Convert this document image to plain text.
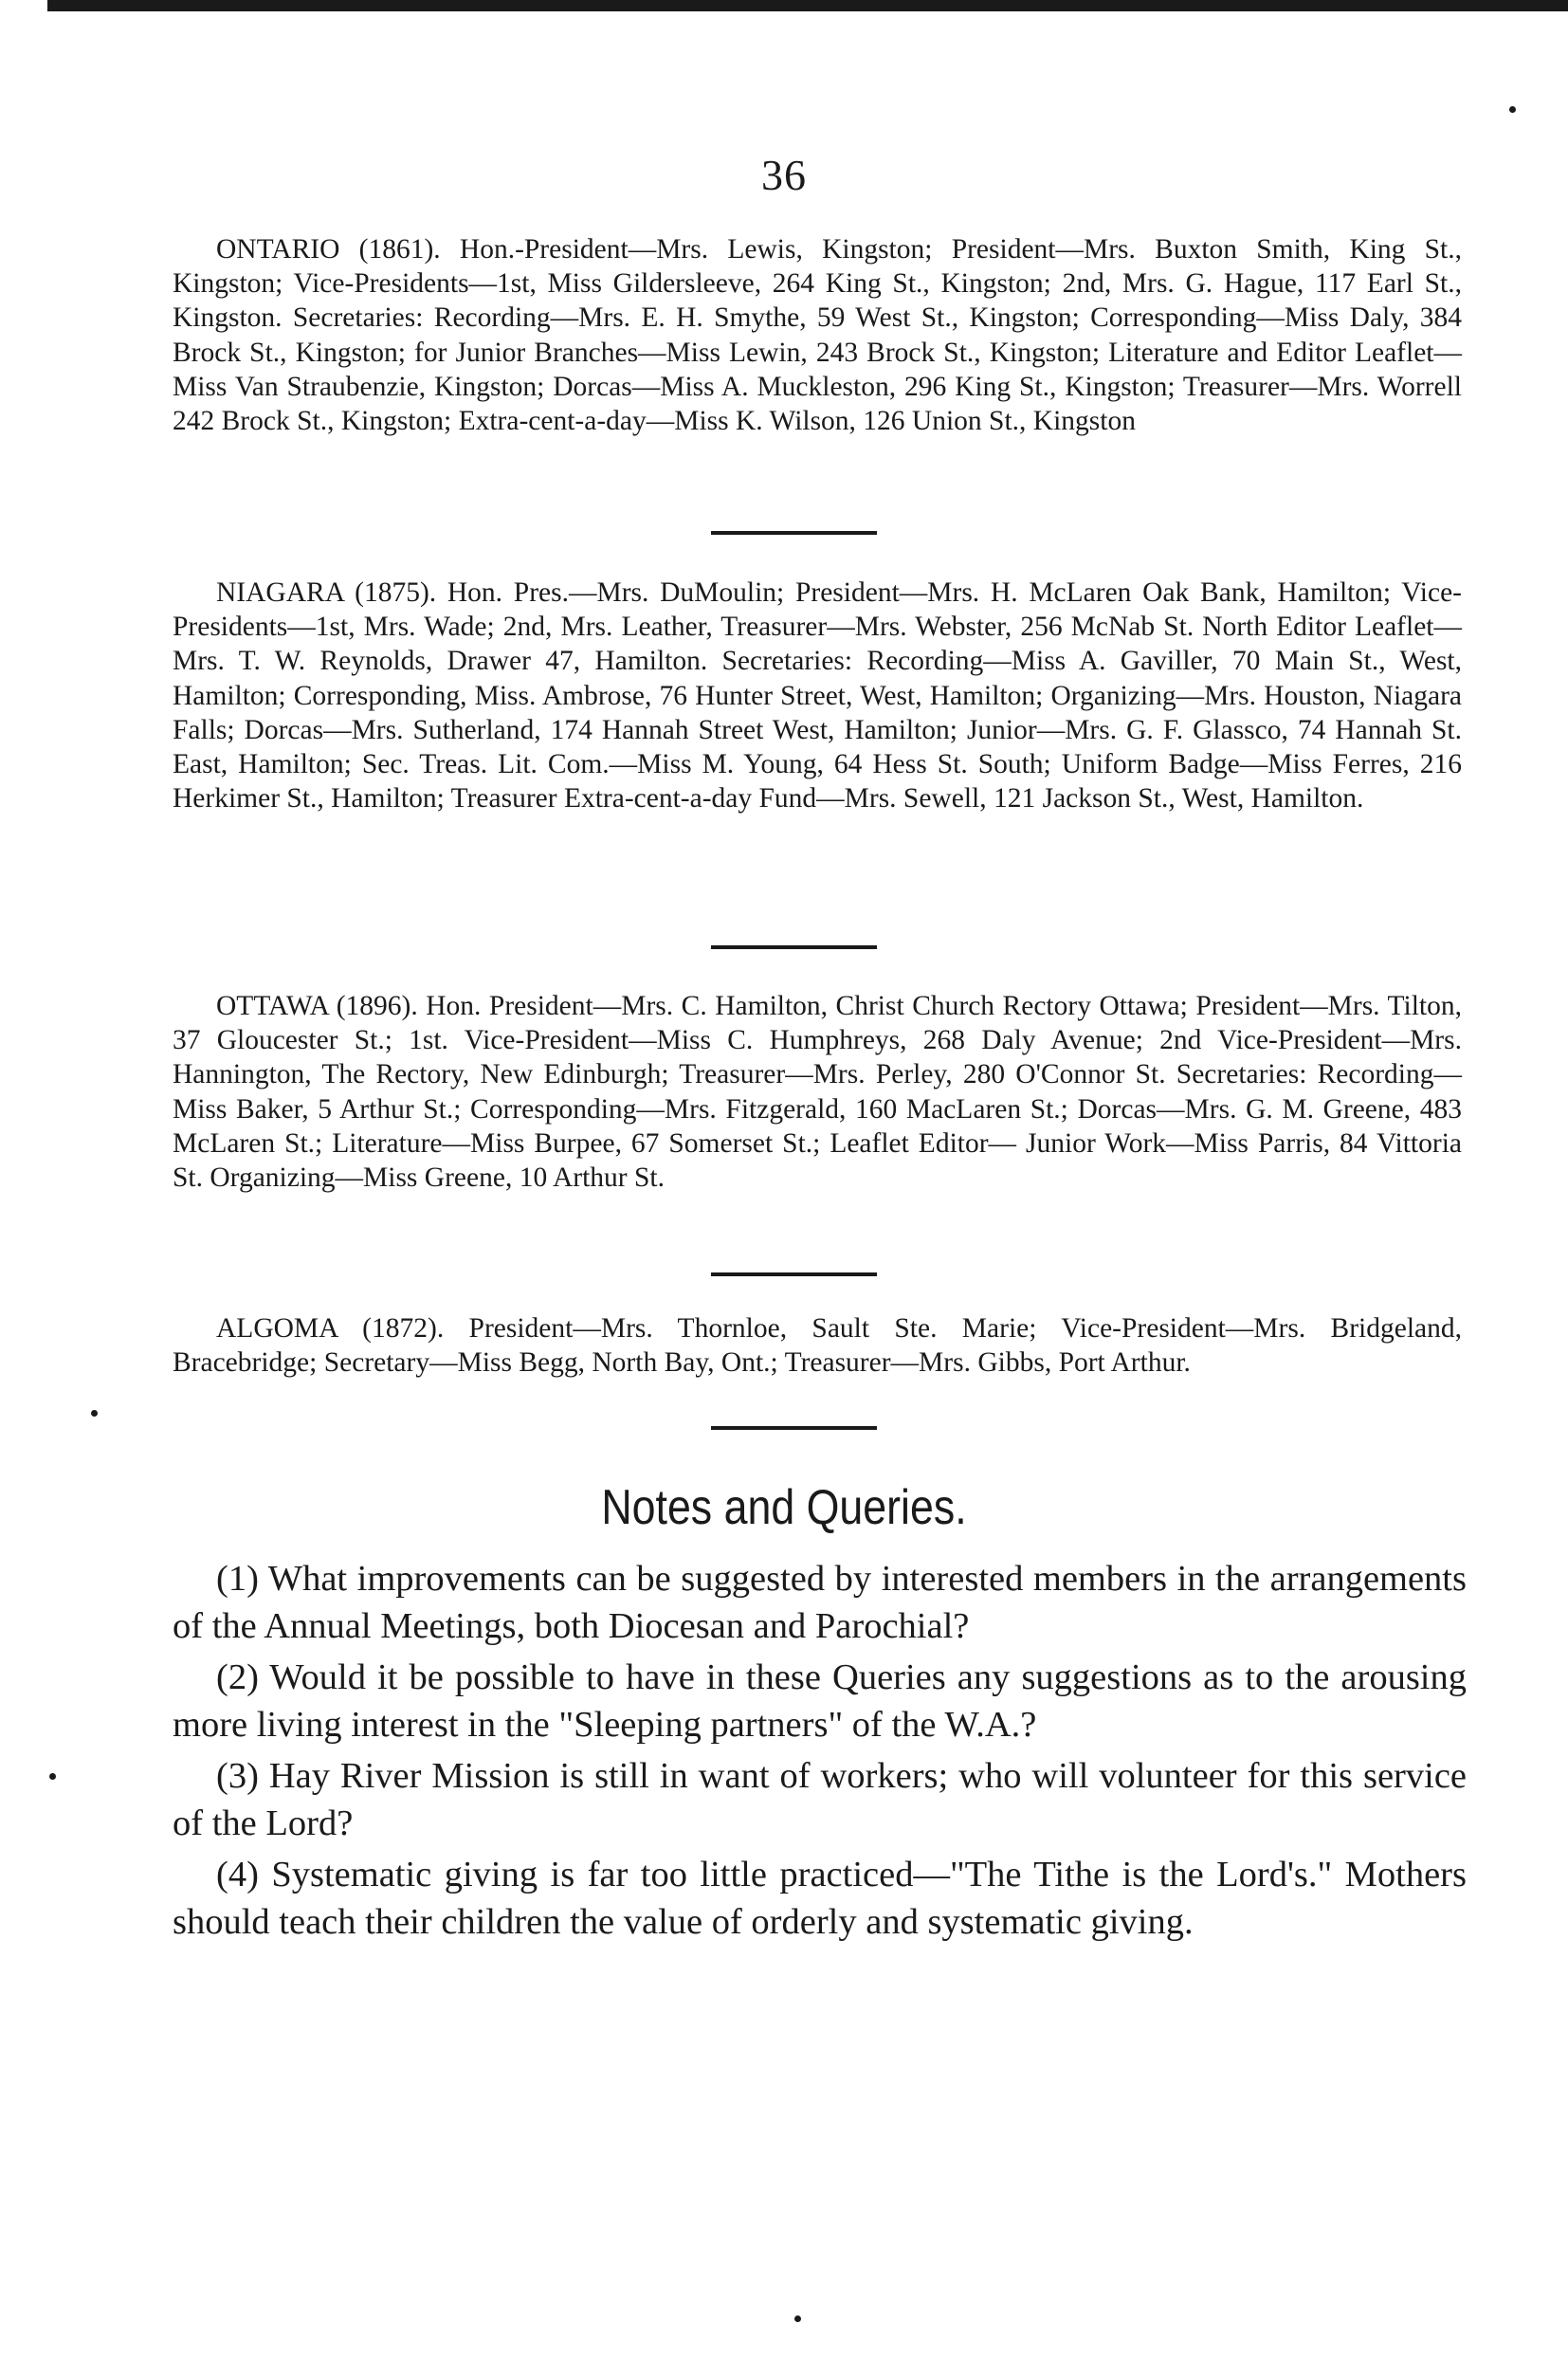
36

ONTARIO (1861). Hon.-President—Mrs. Lewis, Kingston; President—Mrs. Buxton Smith, King St., Kingston; Vice-Presidents—1st, Miss Gildersleeve, 264 King St., Kingston; 2nd, Mrs. G. Hague, 117 Earl St., Kingston. Secretaries: Recording—Mrs. E. H. Smythe, 59 West St., Kingston; Corresponding—Miss Daly, 384 Brock St., Kingston; for Junior Branches—Miss Lewin, 243 Brock St., Kingston; Literature and Editor Leaflet—Miss Van Straubenzie, Kingston; Dorcas—Miss A. Muckleston, 296 King St., Kingston; Treasurer—Mrs. Worrell 242 Brock St., Kingston; Extra-cent-a-day—Miss K. Wilson, 126 Union St., Kingston

NIAGARA (1875). Hon. Pres.—Mrs. DuMoulin; President—Mrs. H. McLaren Oak Bank, Hamilton; Vice-Presidents—1st, Mrs. Wade; 2nd, Mrs. Leather, Treasurer—Mrs. Webster, 256 McNab St. North Editor Leaflet—Mrs. T. W. Reynolds, Drawer 47, Hamilton. Secretaries: Recording—Miss A. Gaviller, 70 Main St., West, Hamilton; Corresponding, Miss. Ambrose, 76 Hunter Street, West, Hamilton; Organizing—Mrs. Houston, Niagara Falls; Dorcas—Mrs. Sutherland, 174 Hannah Street West, Hamilton; Junior—Mrs. G. F. Glassco, 74 Hannah St. East, Hamilton; Sec. Treas. Lit. Com.—Miss M. Young, 64 Hess St. South; Uniform Badge—Miss Ferres, 216 Herkimer St., Hamilton; Treasurer Extra-cent-a-day Fund—Mrs. Sewell, 121 Jackson St., West, Hamilton.

OTTAWA (1896). Hon. President—Mrs. C. Hamilton, Christ Church Rectory Ottawa; President—Mrs. Tilton, 37 Gloucester St.; 1st. Vice-President—Miss C. Humphreys, 268 Daly Avenue; 2nd Vice-President—Mrs. Hannington, The Rectory, New Edinburgh; Treasurer—Mrs. Perley, 280 O'Connor St. Secretaries: Recording—Miss Baker, 5 Arthur St.; Corresponding—Mrs. Fitzgerald, 160 MacLaren St.; Dorcas—Mrs. G. M. Greene, 483 McLaren St.; Literature—Miss Burpee, 67 Somerset St.; Leaflet Editor— Junior Work—Miss Parris, 84 Vittoria St. Organizing—Miss Greene, 10 Arthur St.

ALGOMA (1872). President—Mrs. Thornloe, Sault Ste. Marie; Vice-President—Mrs. Bridgeland, Bracebridge; Secretary—Miss Begg, North Bay, Ont.; Treasurer—Mrs. Gibbs, Port Arthur.

Notes and Queries.

(1) What improvements can be suggested by interested members in the arrangements of the Annual Meetings, both Diocesan and Parochial?

(2) Would it be possible to have in these Queries any suggestions as to the arousing more living interest in the "Sleeping partners" of the W.A.?

(3) Hay River Mission is still in want of workers; who will volunteer for this service of the Lord?

(4) Systematic giving is far too little practiced—"The Tithe is the Lord's." Mothers should teach their children the value of orderly and systematic giving.
